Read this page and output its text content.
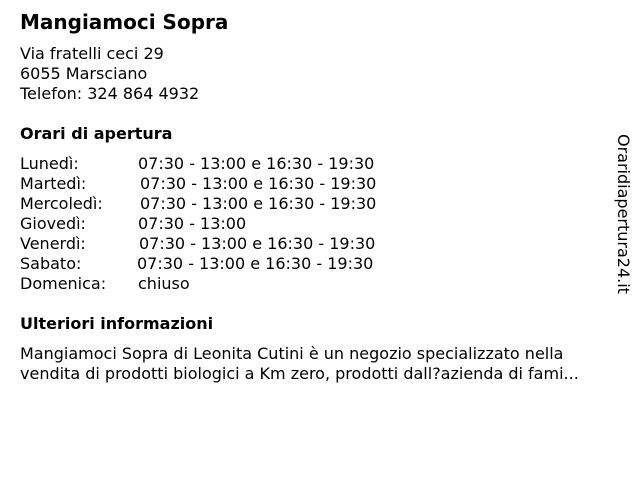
Mangiamoci Sopra
Via fratelli ceci 29
6055 Marsciano
Telefon: 324 864 4932
Orari di apertura
Lunedì:	07:30 - 13:00 e 16:30 - 19:30
Martedì:	07:30 - 13:00 e 16:30 - 19:30
Mercoledì: 07:30 - 13:00 e 16:30 - 19:30
Giovedì:	07:30 - 13:00
Venerdì:	07:30 - 13:00 e 16:30 - 19:30
Sabato:	07:30 - 13:00 e 16:30 - 19:30
Domenica: chiuso
Ulteriori informazioni
Mangiamoci Sopra di Leonita Cutini è un negozio specializzato nella
vendita di prodotti biologici a Km zero, prodotti dall?azienda di fami...
Oraridiapertura24.it
